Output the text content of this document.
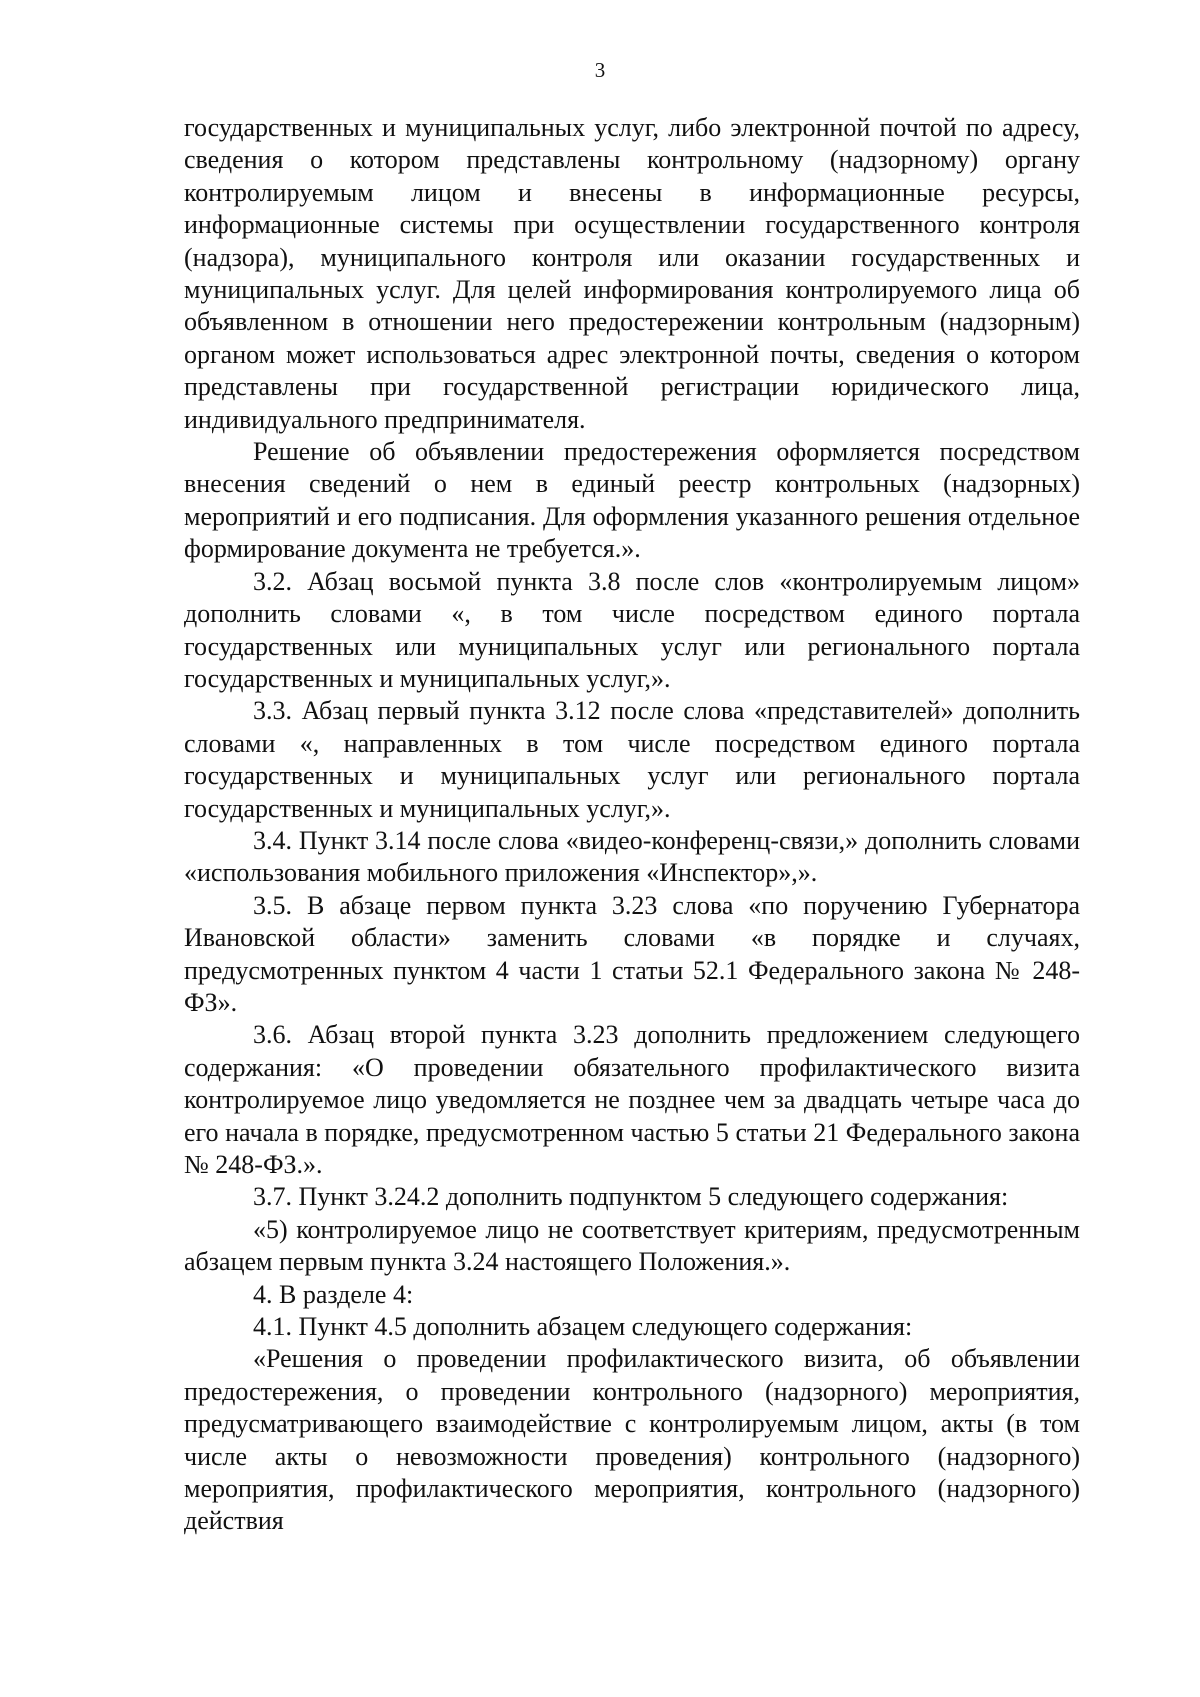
3

государственных и муниципальных услуг, либо электронной почтой по адресу, сведения о котором представлены контрольному (надзорному) органу контролируемым лицом и внесены в информационные ресурсы, информационные системы при осуществлении государственного контроля (надзора), муниципального контроля или оказании государственных и муниципальных услуг. Для целей информирования контролируемого лица об объявленном в отношении него предостережении контрольным (надзорным) органом может использоваться адрес электронной почты, сведения о котором представлены при государственной регистрации юридического лица, индивидуального предпринимателя.

Решение об объявлении предостережения оформляется посредством внесения сведений о нем в единый реестр контрольных (надзорных) мероприятий и его подписания. Для оформления указанного решения отдельное формирование документа не требуется.».

3.2. Абзац восьмой пункта 3.8 после слов «контролируемым лицом» дополнить словами «, в том числе посредством единого портала государственных или муниципальных услуг или регионального портала государственных и муниципальных услуг,».

3.3. Абзац первый пункта 3.12 после слова «представителей» дополнить словами «, направленных в том числе посредством единого портала государственных и муниципальных услуг или регионального портала государственных и муниципальных услуг,».

3.4. Пункт 3.14 после слова «видео-конференц-связи,» дополнить словами «использования мобильного приложения «Инспектор»,».

3.5. В абзаце первом пункта 3.23 слова «по поручению Губернатора Ивановской области» заменить словами «в порядке и случаях, предусмотренных пунктом 4 части 1 статьи 52.1 Федерального закона № 248-ФЗ».

3.6. Абзац второй пункта 3.23 дополнить предложением следующего содержания: «О проведении обязательного профилактического визита контролируемое лицо уведомляется не позднее чем за двадцать четыре часа до его начала в порядке, предусмотренном частью 5 статьи 21 Федерального закона № 248-ФЗ.».

3.7. Пункт 3.24.2 дополнить подпунктом 5 следующего содержания:

«5) контролируемое лицо не соответствует критериям, предусмотренным абзацем первым пункта 3.24 настоящего Положения.».

4. В разделе 4:

4.1. Пункт 4.5 дополнить абзацем следующего содержания:

«Решения о проведении профилактического визита, об объявлении предостережения, о проведении контрольного (надзорного) мероприятия, предусматривающего взаимодействие с контролируемым лицом, акты (в том числе акты о невозможности проведения) контрольного (надзорного) мероприятия, профилактического мероприятия, контрольного (надзорного) действия
